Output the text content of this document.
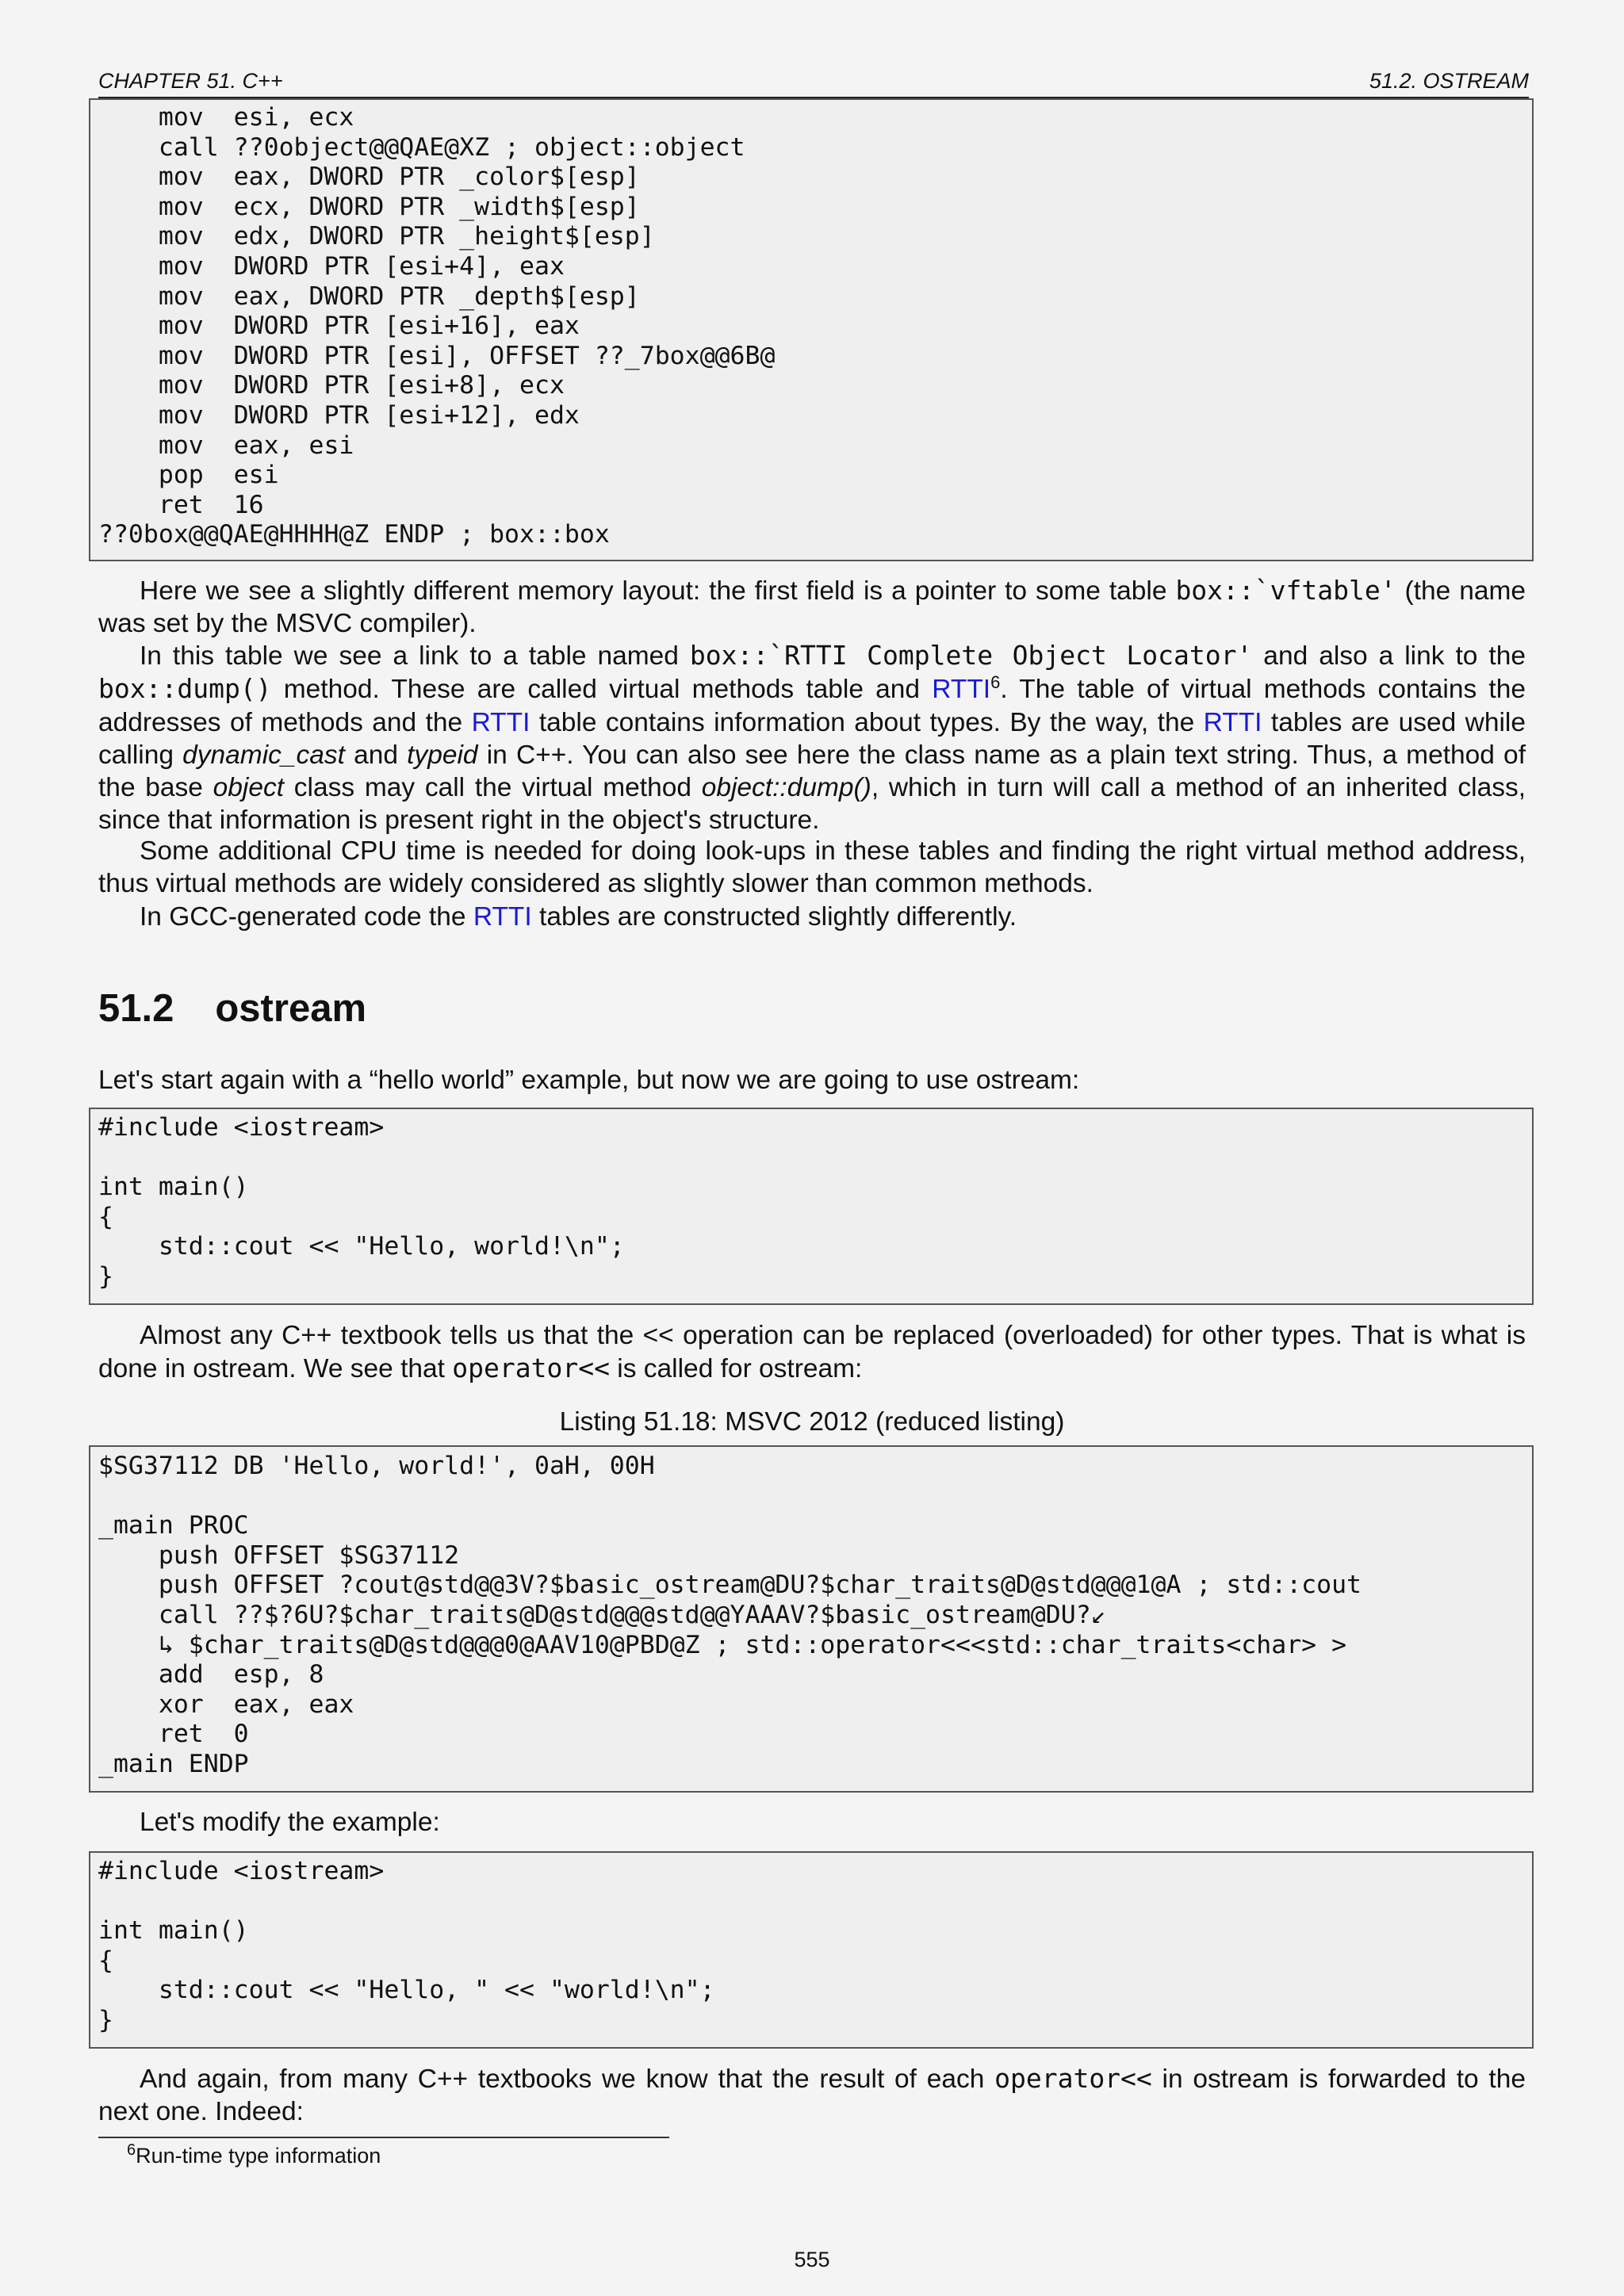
CHAPTER 51. C++	51.2. OSTREAM
mov  esi, ecx
call ??0object@@QAE@XZ ; object::object
mov  eax, DWORD PTR _color$[esp]
mov  ecx, DWORD PTR _width$[esp]
mov  edx, DWORD PTR _height$[esp]
mov  DWORD PTR [esi+4], eax
mov  eax, DWORD PTR _depth$[esp]
mov  DWORD PTR [esi+16], eax
mov  DWORD PTR [esi], OFFSET ??_7box@@6B@
mov  DWORD PTR [esi+8], ecx
mov  DWORD PTR [esi+12], edx
mov  eax, esi
pop  esi
ret  16
??0box@@QAE@HHHH@Z ENDP ; box::box
Here we see a slightly different memory layout: the first field is a pointer to some table box::`vftable' (the name was set by the MSVC compiler).
In this table we see a link to a table named box::`RTTI Complete Object Locator' and also a link to the box::dump() method. These are called virtual methods table and RTTI$^6$. The table of virtual methods contains the addresses of methods and the RTTI table contains information about types. By the way, the RTTI tables are used while calling dynamic_cast and typeid in C++. You can also see here the class name as a plain text string. Thus, a method of the base object class may call the virtual method object::dump(), which in turn will call a method of an inherited class, since that information is present right in the object's structure.
Some additional CPU time is needed for doing look-ups in these tables and finding the right virtual method address, thus virtual methods are widely considered as slightly slower than common methods.
In GCC-generated code the RTTI tables are constructed slightly differently.
51.2 ostream
Let's start again with a “hello world” example, but now we are going to use ostream:
#include <iostream>
int main()
{
std::cout << "Hello, world!\n";
}
Almost any C++ textbook tells us that the << operation can be replaced (overloaded) for other types. That is what is done in ostream. We see that operator<< is called for ostream:
Listing 51.18: MSVC 2012 (reduced listing)
$SG37112 DB 'Hello, world!', 0aH, 00H
_main PROC
push OFFSET $SG37112
push OFFSET ?cout@std@@3V?$basic_ostream@DU?$char_traits@D@std@@@1@A ; std::cout
call ??$?6U?$char_traits@D@std@@@std@@YAAAV?$basic_ostream@DU?↙
↳ $char_traits@D@std@@@0@AAV10@PBD@Z ; std::operator<<<std::char_traits<char> >
add  esp, 8
xor  eax, eax
ret  0
_main ENDP
Let's modify the example:
#include <iostream>
int main()
{
std::cout << "Hello, " << "world!\n";
}
And again, from many C++ textbooks we know that the result of each operator<< in ostream is forwarded to the next one. Indeed:
$^6$Run-time type information
555
